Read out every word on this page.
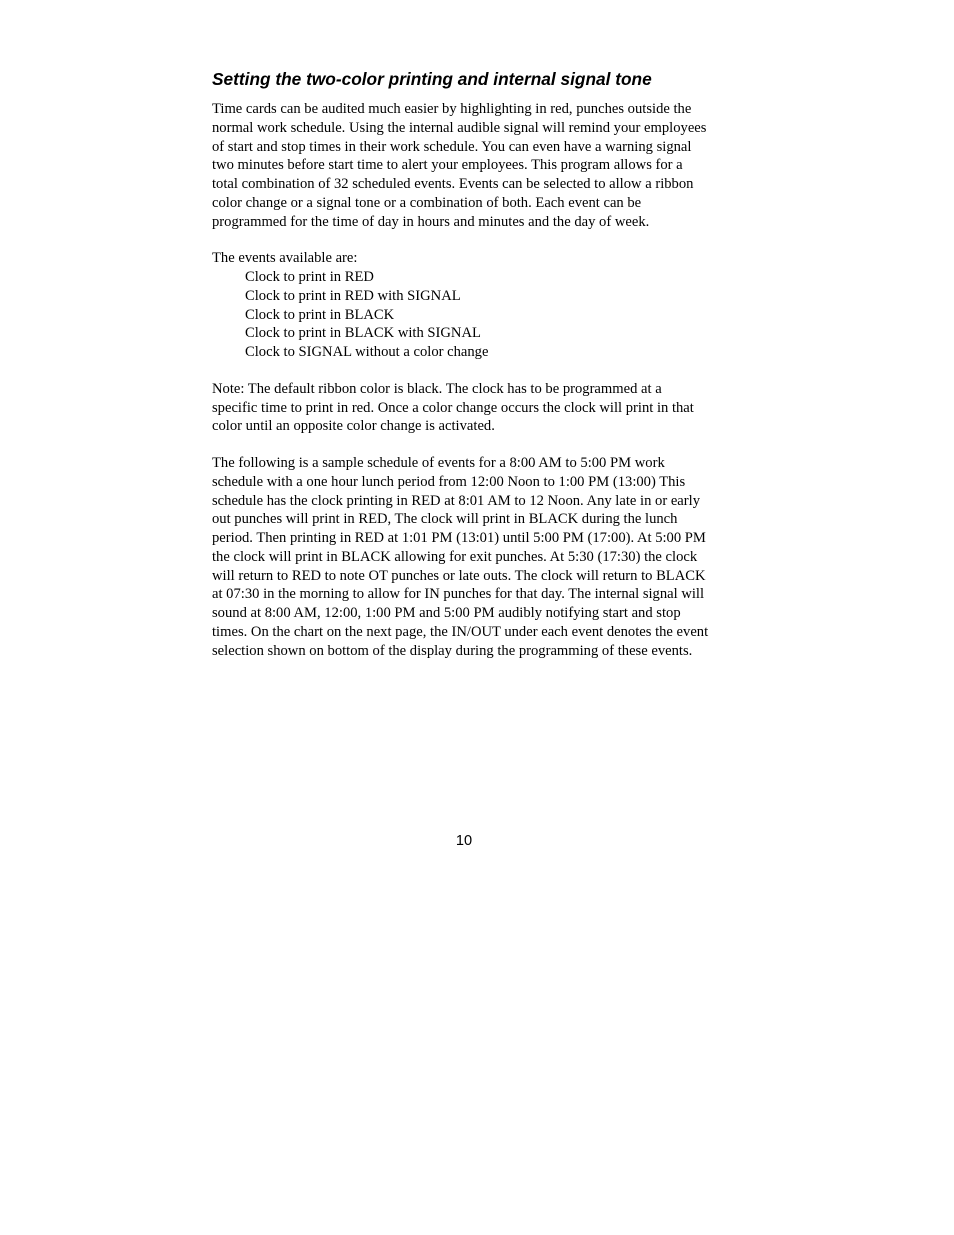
Setting the two-color printing and internal signal tone

Time cards can be audited much easier by highlighting in red, punches outside the
normal work schedule. Using the internal audible signal will remind your employees
of start and stop times in their work schedule. You can even have a warning signal
two minutes before start time to alert your employees. This program allows for a
total combination of 32 scheduled events. Events can be selected to allow a ribbon
color change or a signal tone or a combination of both. Each event can be
programmed for the time of day in hours and minutes and the day of week.

The events available are:

Clock to print in RED
Clock to print in RED with SIGNAL
Clock to print in BLACK
Clock to print in BLACK with SIGNAL
Clock to SIGNAL without a color change

Note: The default ribbon color is black. The clock has to be programmed at a
specific time to print in red. Once a color change occurs the clock will print in that
color until an opposite color change is activated.

The following is a sample schedule of events for a 8:00 AM to 5:00 PM work
schedule with a one hour lunch period from 12:00 Noon to 1:00 PM (13:00) This
schedule has the clock printing in RED at 8:01 AM to 12 Noon. Any late in or early
out punches will print in RED, The clock will print in BLACK during the lunch
period. Then printing in RED at 1:01 PM (13:01) until 5:00 PM (17:00). At 5:00 PM
the clock will print in BLACK allowing for exit punches. At 5:30 (17:30) the clock
will return to RED to note OT punches or late outs. The clock will return to BLACK
at 07:30 in the morning to allow for IN punches for that day. The internal signal will
sound at 8:00 AM, 12:00, 1:00 PM and 5:00 PM audibly notifying start and stop
times. On the chart on the next page, the IN/OUT under each event denotes the event
selection shown on bottom of the display during the programming of these events.

10
